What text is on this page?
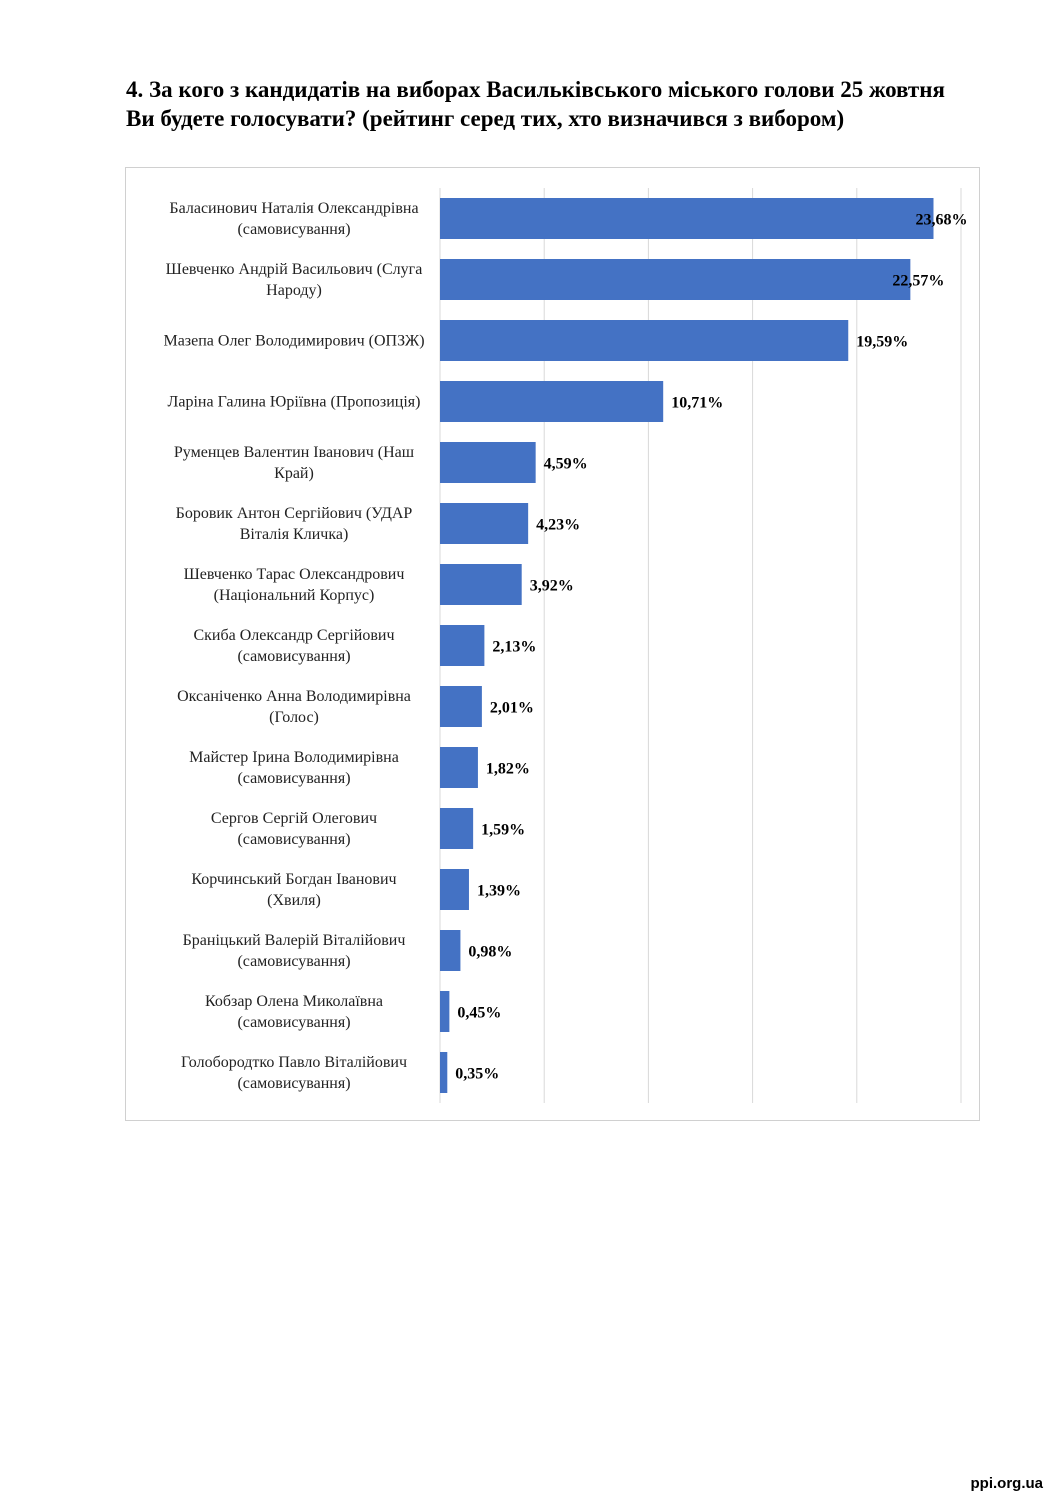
4. За кого з кандидатів на виборах Васильківського міського голови 25 жовтня Ви будете голосувати? (рейтинг серед тих, хто визначився з вибором)
23,68%
Баласинович Наталія Олександрівна (самовисування)
22,57%
Шевченко Андрій Васильович (Слуга Народу)
19,59%
Мазепа Олег Володимирович (ОПЗЖ)
10,71%
Ларіна Галина Юріївна (Пропозиція)
4,59%
Руменцев Валентин Іванович (Наш Край)
4,23%
Боровик Антон Сергійович (УДАР Віталія Кличка)
3,92%
Шевченко Тарас Олександрович (Національний Корпус)
2,13%
Скиба Олександр Сергійович (самовисування)
2,01%
Оксаніченко Анна Володимирівна (Голос)
1,82%
Майстер Ірина Володимирівна (самовисування)
1,59%
Сергов Сергій Олегович (самовисування)
1,39%
Корчинський Богдан Іванович (Хвиля)
0,98%
Браніцький Валерій Віталійович (самовисування)
0,45%
Кобзар Олена Миколаївна (самовисування)
0,35%
Голобородтко Павло Віталійович (самовисування)
ppi.org.ua
